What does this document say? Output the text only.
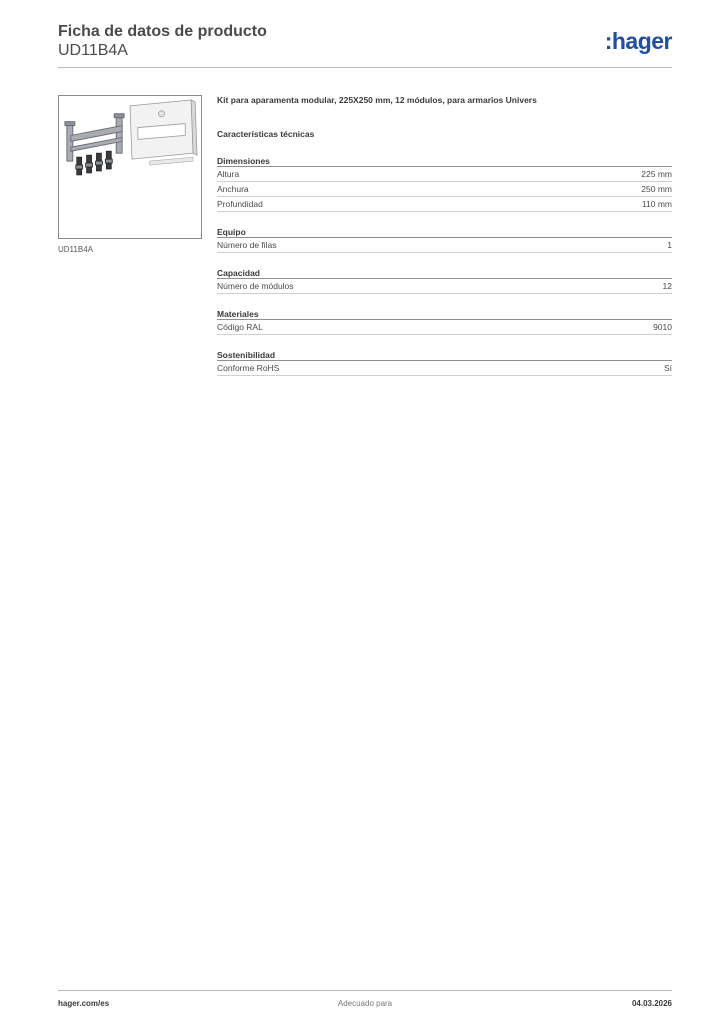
Ficha de datos de producto
UD11B4A	:hager
UD11B4A
Kit para aparamenta modular, 225X250 mm, 12 módulos, para armarios Univers
Características técnicas
Dimensiones
Altura	225 mm
Anchura	250 mm
Profundidad	110 mm
Equipo
Número de filas	1
Capacidad
Número de módulos	12
Materiales
Código RAL	9010
Sostenibilidad
Conforme RoHS	Sí
hager.com/es	Adecuado para	04.03.2026
